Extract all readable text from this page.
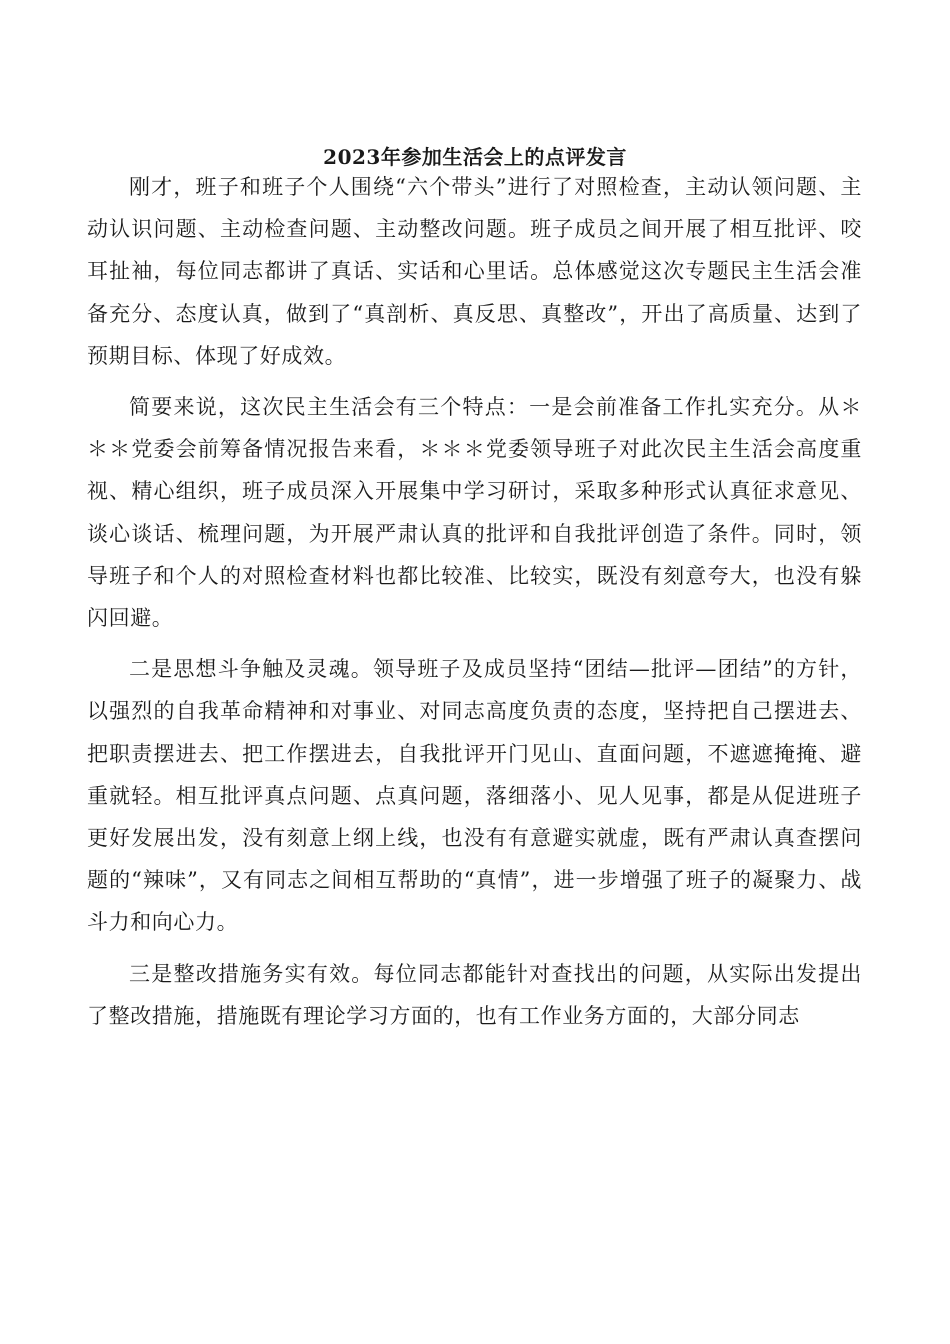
2023年参加生活会上的点评发言

刚才，班子和班子个人围绕“六个带头”进行了对照检查，主动认领问题、主动认识问题、主动检查问题、主动整改问题。班子成员之间开展了相互批评、咬耳扯袖，每位同志都讲了真话、实话和心里话。总体感觉这次专题民主生活会准备充分、态度认真，做到了“真剖析、真反思、真整改”，开出了高质量、达到了预期目标、体现了好成效。

简要来说，这次民主生活会有三个特点：一是会前准备工作扎实充分。从＊＊＊党委会前筹备情况报告来看，＊＊＊党委领导班子对此次民主生活会高度重视、精心组织，班子成员深入开展集中学习研讨，采取多种形式认真征求意见、谈心谈话、梳理问题，为开展严肃认真的批评和自我批评创造了条件。同时，领导班子和个人的对照检查材料也都比较准、比较实，既没有刻意夸大，也没有躲闪回避。

二是思想斗争触及灵魂。领导班子及成员坚持“团结—批评—团结”的方针，以强烈的自我革命精神和对事业、对同志高度负责的态度，坚持把自己摆进去、把职责摆进去、把工作摆进去，自我批评开门见山、直面问题，不遮遮掩掩、避重就轻。相互批评真点问题、点真问题，落细落小、见人见事，都是从促进班子更好发展出发，没有刻意上纲上线，也没有有意避实就虚，既有严肃认真查摆问题的“辣味”，又有同志之间相互帮助的“真情”，进一步增强了班子的凝聚力、战斗力和向心力。

三是整改措施务实有效。每位同志都能针对查找出的问题，从实际出发提出了整改措施，措施既有理论学习方面的，也有工作业务方面的，大部分同志
